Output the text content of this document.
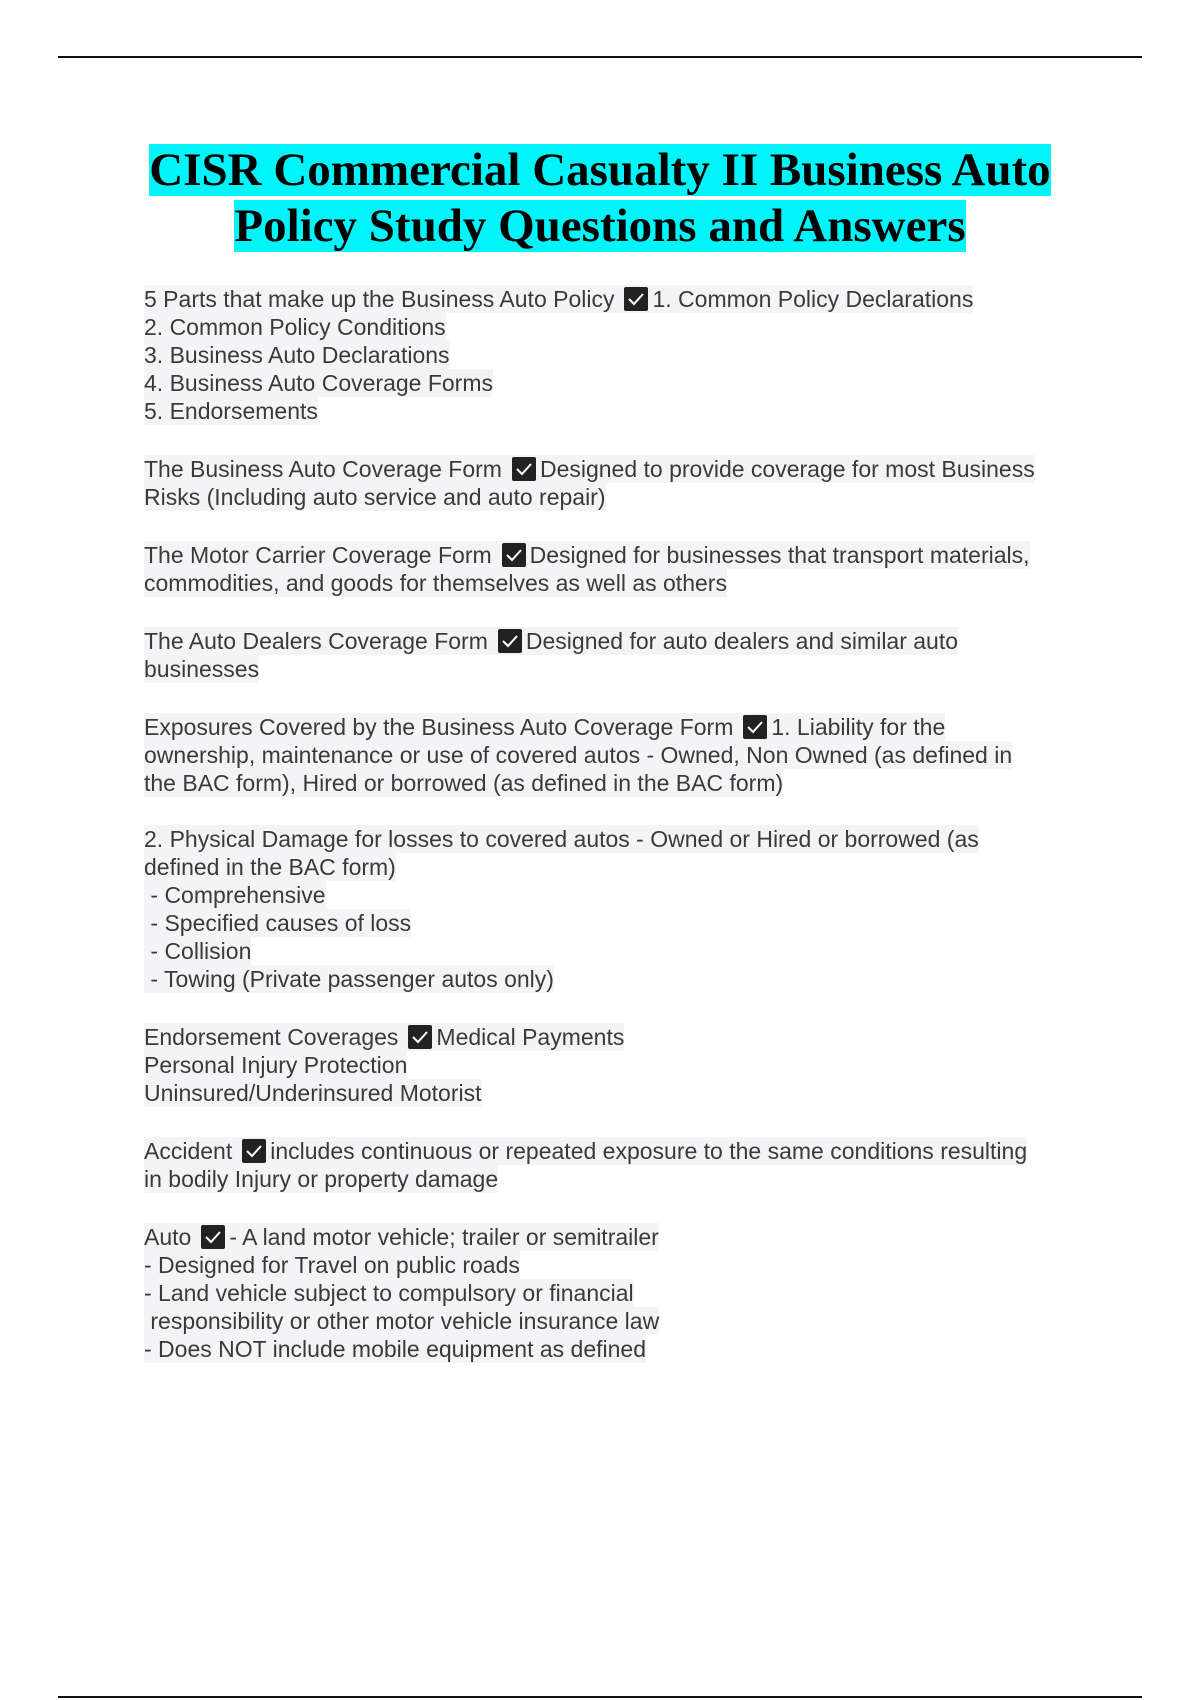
CISR Commercial Casualty II Business Auto
Policy Study Questions and Answers
5 Parts that make up the Business Auto Policy 1. Common Policy Declarations
2. Common Policy Conditions
3. Business Auto Declarations
4. Business Auto Coverage Forms
5. Endorsements
The Business Auto Coverage Form Designed to provide coverage for most Business
Risks (Including auto service and auto repair)
The Motor Carrier Coverage Form Designed for businesses that transport materials,
commodities, and goods for themselves as well as others
The Auto Dealers Coverage Form Designed for auto dealers and similar auto
businesses
Exposures Covered by the Business Auto Coverage Form 1. Liability for the
ownership, maintenance or use of covered autos - Owned, Non Owned (as defined in
the BAC form), Hired or borrowed (as defined in the BAC form)

2. Physical Damage for losses to covered autos - Owned or Hired or borrowed (as
defined in the BAC form)
- Comprehensive
- Specified causes of loss
- Collision
- Towing (Private passenger autos only)
Endorsement Coverages Medical Payments
Personal Injury Protection
Uninsured/Underinsured Motorist
Accident includes continuous or repeated exposure to the same conditions resulting
in bodily Injury or property damage
Auto - A land motor vehicle; trailer or semitrailer
- Designed for Travel on public roads
- Land vehicle subject to compulsory or financial
responsibility or other motor vehicle insurance law
- Does NOT include mobile equipment as defined
